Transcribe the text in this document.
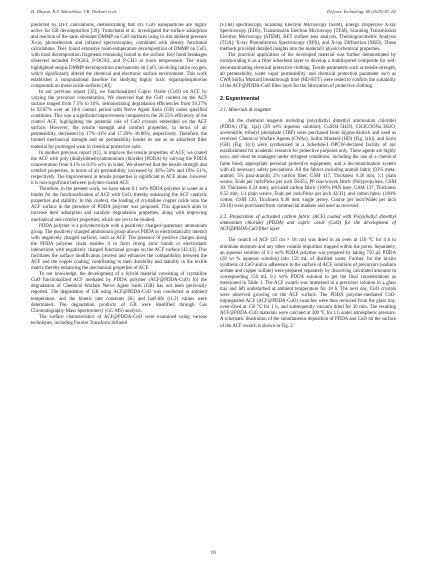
H. Dhyani, R.V. Adivarekar, V.B. Thakare et al.	Defence Technology 48 (2025) 67–82

predicted by DFT calculations, demonstrating that dry CuO nanoparticles are highly active for GB decomposition [39]. Trotochaud et al. investigated the surface adsorption and reaction of the sarin simulant DMMP on CuO surfaces using in situ ambient pressure X-ray photoelectron and infrared spectroscopies, combined with density functional calculations. They found extensive room-temperature decomposition of DMMP on CuO, with most decomposition fragments remaining bound to the surface. Key bond breakages observed included P-OCH3, P-OCH3, and P-CH3 at room temperature. The study highlighted unique DMMP decomposition mechanisms on CuO, involving lattice oxygen, which significantly altered the chemical and electronic surface environment. This work establishes a computational baseline for studying highly toxic organophosphorous compounds on metal oxide surfaces [40].

In our previous report [32], we functionalized Cupric Oxide (CuO) on ACF by varying the precursor concentration. We observed that the CuO content on the ACF surface ranged from 7.5% to 16%, demonstrating degradation efficiencies from 59.27% to 92.87% over an 18-h contact period with Nerve Agent Sarin (GB) under specified conditions. This was a significant improvement compared to the 26.55% efficiency of the control ACF, highlighting the potential role of CuO crystals embedded on the ACF surface. However, the tensile strength and comfort properties, in terms of air permeability, decreased by 17%–41% and 17.30%–36.86%, respectively. Therefore, the limited mechanical strength and air permeability hinder its use as an adsorbent filter material for prolonged wear in chemical protective suits.

In another previous report [41], to improve the tensile properties of ACF, we coated the ACF with poly (diallyldimethylammonium chloride) (PDDA) by varying the PDDA concentration from 0.1% to 0.5% wt/v in water. We observed that the tensile strength and comfort properties, in terms of air permeability, increased by 30%–50% and 18%–51%, respectively. The improvement in tensile properties is significant to ACF alone, however it is non-significant between polymer-coated ACF.

Therefore, in the present work, we have taken 0.1 wt% PDDA polymer in water as a binder for the functionalization of ACF with CuO, thereby enhancing the ACF catalytic properties and stability. In this context, the loading of crystalline copper oxide onto the ACF surface in the presence of PDDA polymer was proposed. This approach aims to increase their adsorption and catalytic degradation properties, along with improving mechanical and comfort properties, which are yet to be studied.

PDDA polymer is a polyelectrolyte with a positively charged quaternary ammonium group. The positively charged ammonium group allows PDDA to electrostatically interact with negatively charged surfaces, such as ACF. The presence of positive charges along the PDDA polymer chain enables it to form strong ionic bonds or electrostatic interactions with negatively charged functional groups on the ACF surface [42,43]. This facilitates the surface modification process and enhances the compatibility between the ACF and the copper coating, contributing to their durability and stability in the textile matrix thereby enhancing the mechanical properties of ACF.

To our knowledge, the development of a hybrid material consisting of crystalline CuO functionalized ACF mediated by PDDA polymer (ACF@PDDA-CuO) for the degradation of Chemical Warfare Nerve Agent Sarin (GB) has not been previously reported. The degradation of GB using ACF@PDDA-CuO was conducted at ambient temperature, and the kinetic rate constants (K) and half-life (t1/2) values were determined. The degradation products of GB were identified through Gas Chromatography-Mass Spectrometry (GC-MS) analysis.

The surface characteristics of ACF@PDDA-CuO were examined using various techniques, including Fourier Transform Infrared

(FTIR) spectroscopy, Scanning Electron Microscopy (SEM), Energy Dispersive X-ray Spectroscopy (EDS), Transmission Electron Microscopy (TEM), Scanning Transmission Electron Microscopy (STEM), BET surface area analysis, Thermogravimetric Analysis (TGA), X-ray Photoelectron Spectroscopy (XPS), and X-ray Diffraction (XRD). These methods provided detailed insights into the material's physicochemical properties.

The practical application of the developed material was further demonstrated by incorporating it as a filter adsorbent layer to develop a multilayered composite for self-decontaminating chemical protective clothing. Textile parameters such as tensile strength, air permeability, water vapor permeability, and chemical protection parameter such as CWA Sulfur Mustard breakthrough time (HD-BTT) were tested to confirm the suitability of the ACF@PDDA-CuO filter layer for the fabrication of protective clothing.

2. Experimental
2.1. Materials & reagents

All the chemical reagents including poly(diallyl dimethyl ammonium chloride) (PDDA) (Fig. 1(a)) (20 wt% aqueous solution), CuSO4·5H2O, CH3COONa·3H2O, acetonitrile, tributyl phosphate (TBP) were purchased from Sigma-Aldrich and used as received. Chemical Warfare Agents (CWAs), Sulfur Mustard (HD) (Fig. 1(b)), and Sarin (GB) (Fig. 1(c)) were synthesized in a Schedule-I OPCW-declared facility of our establishment for academic research for protective purposes only. These agents are highly toxic and must be managed under stringent conditions, including the use of a chemical fume hood, appropriate personal protective equipment, and a decontamination system with all necessary safety precautions. All the fabrics including aramid fabric (93% meta-aramid, 5% para-aramid, 2% carbon fiber, GSM 117, Thickness 0.26 mm, 1/1 plain weave, Ends per inch/Picks per inch 58/45), PP non-woven fabric (Polypropylene, GSM 30, Thickness 0.24 mm), activated carbon fabric (100% PAN base, GSM 137, Thickness 0.52 mm, 1/1 plain weave, Ends per inch/Picks per inch 42/31), and cotton fabric (100% cotton, GSM 120, Thickness 0.38 mm, single jersey, Course per inch/Wales per inch 20/18) were purchased from commercial markets and used as received.

2.2. Preparation of activated carbon fabric (ACF) coated with Poly(diallyl dimethyl ammonium chloride) (PDDA) and cupric oxide (CuO) for the development of ACF@PDDA-CuO filter layer

The swatch of ACF (25 cm × 18 cm) was dried in an oven at 150 °C for 4 h to eliminate moisture and any other volatile impurities trapped within the pores. Separately, an aqueous solution of 0.1 wt% PDDA polymer was prepared by taking 750 µL PDDA (20 wt % aqueous solution) into 150 mL of distilled water. Further, for the in-situ synthesis of CuO and to adherence to the surface of ACF, solutions of precursors (sodium acetate and copper sulfate) were prepared separately by dissolving calculated amounts in corresponding 150 mL 0.1 wt% PDDA solution to get the final concentrations as mentioned in Table 1. The ACF swatch was immersed in a precursor solution in a glass tray and left undisturbed at ambient temperature for 18 h. The next day, CuO crystals were observed growing on the ACF surface. The PDDA polymer-mediated CuO-impregnated ACF (ACF@PDDA-CuO) swatches were then removed from the glass tray, oven-dried at 150 °C for 1 h, and subsequently vacuum dried for 30 min. The resulting ACF@PDDA-CuO materials were calcined at 300 °C for 1 h under atmospheric pressure. A schematic illustration of the simultaneous deposition of PDDA and CuO on the surface of the ACF swatch is shown in Fig. 2.

69
